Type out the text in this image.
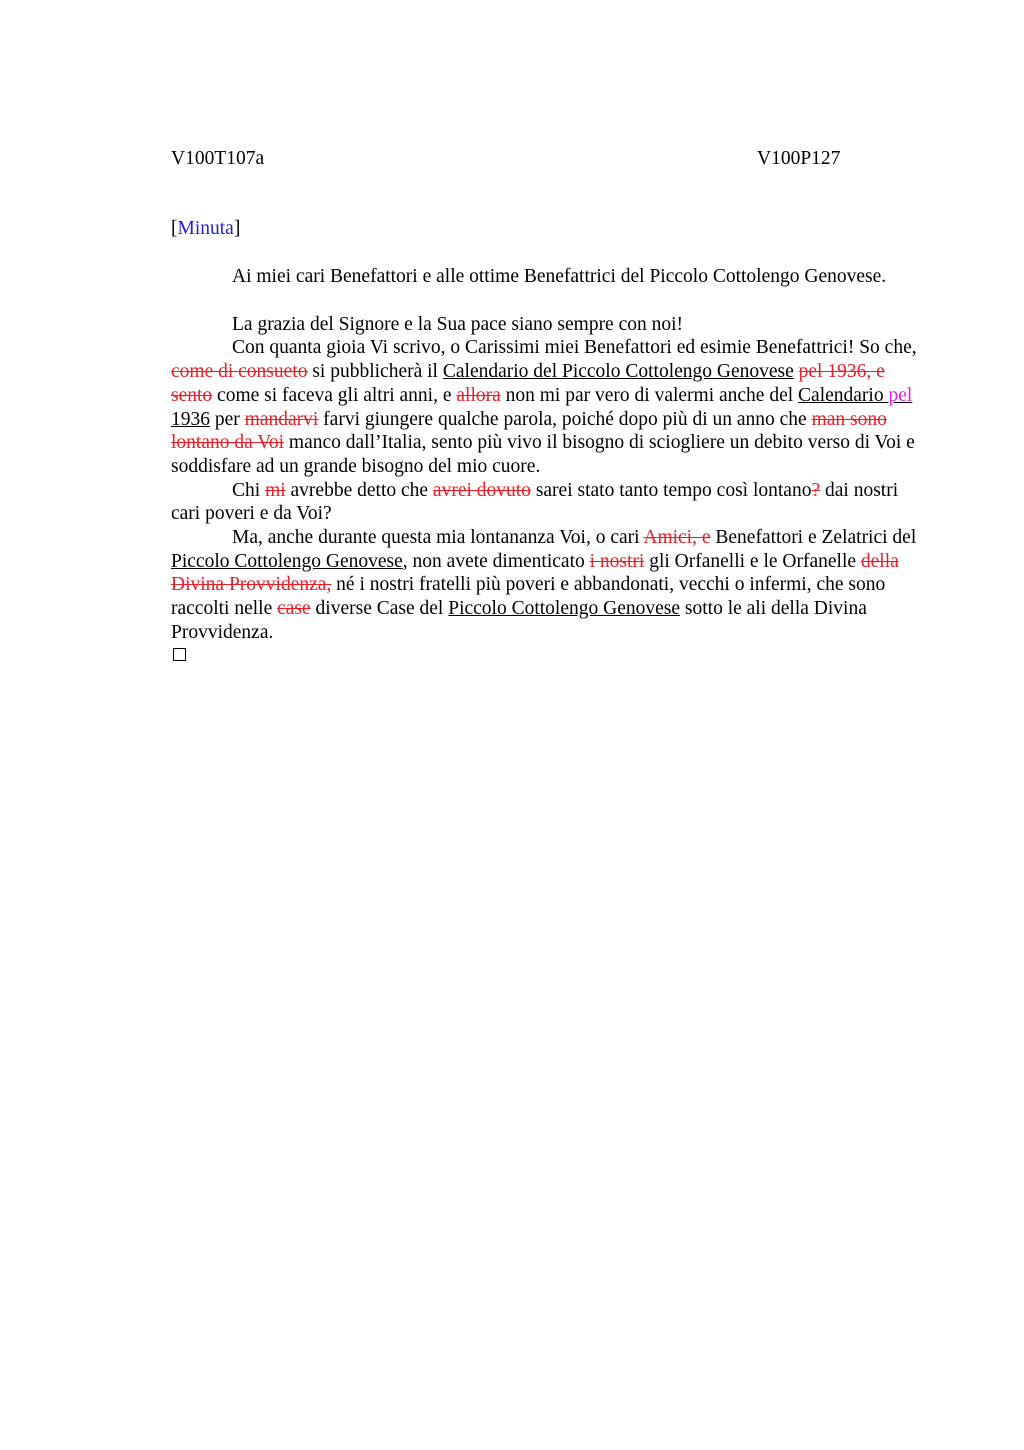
V100T107a	V100P127
[Minuta]

Ai miei cari Benefattori e alle ottime Benefattrici del Piccolo Cottolengo Genovese.

La grazia del Signore e la Sua pace siano sempre con noi!

Con quanta gioia Vi scrivo, o Carissimi miei Benefattori ed esimie Benefattrici! So che, come di consueto si pubblicherà il Calendario del Piccolo Cottolengo Genovese pel 1936, e sento come si faceva gli altri anni, e allora non mi par vero di valermi anche del Calendario pel 1936 per mandarvi farvi giungere qualche parola, poiché dopo più di un anno che man sono lontano da Voi manco dall’Italia, sento più vivo il bisogno di sciogliere un debito verso di Voi e soddisfare ad un grande bisogno del mio cuore.

Chi mi avrebbe detto che avrei dovuto sarei stato tanto tempo così lontano? dai nostri cari poveri e da Voi?

Ma, anche durante questa mia lontananza Voi, o cari Amici, e Benefattori e Zelatrici del Piccolo Cottolengo Genovese, non avete dimenticato i nostri gli Orfanelli e le Orfanelle della Divina Provvidenza, né i nostri fratelli più poveri e abbandonati, vecchi o infermi, che sono raccolti nelle case diverse Case del Piccolo Cottolengo Genovese sotto le ali della Divina Provvidenza.
